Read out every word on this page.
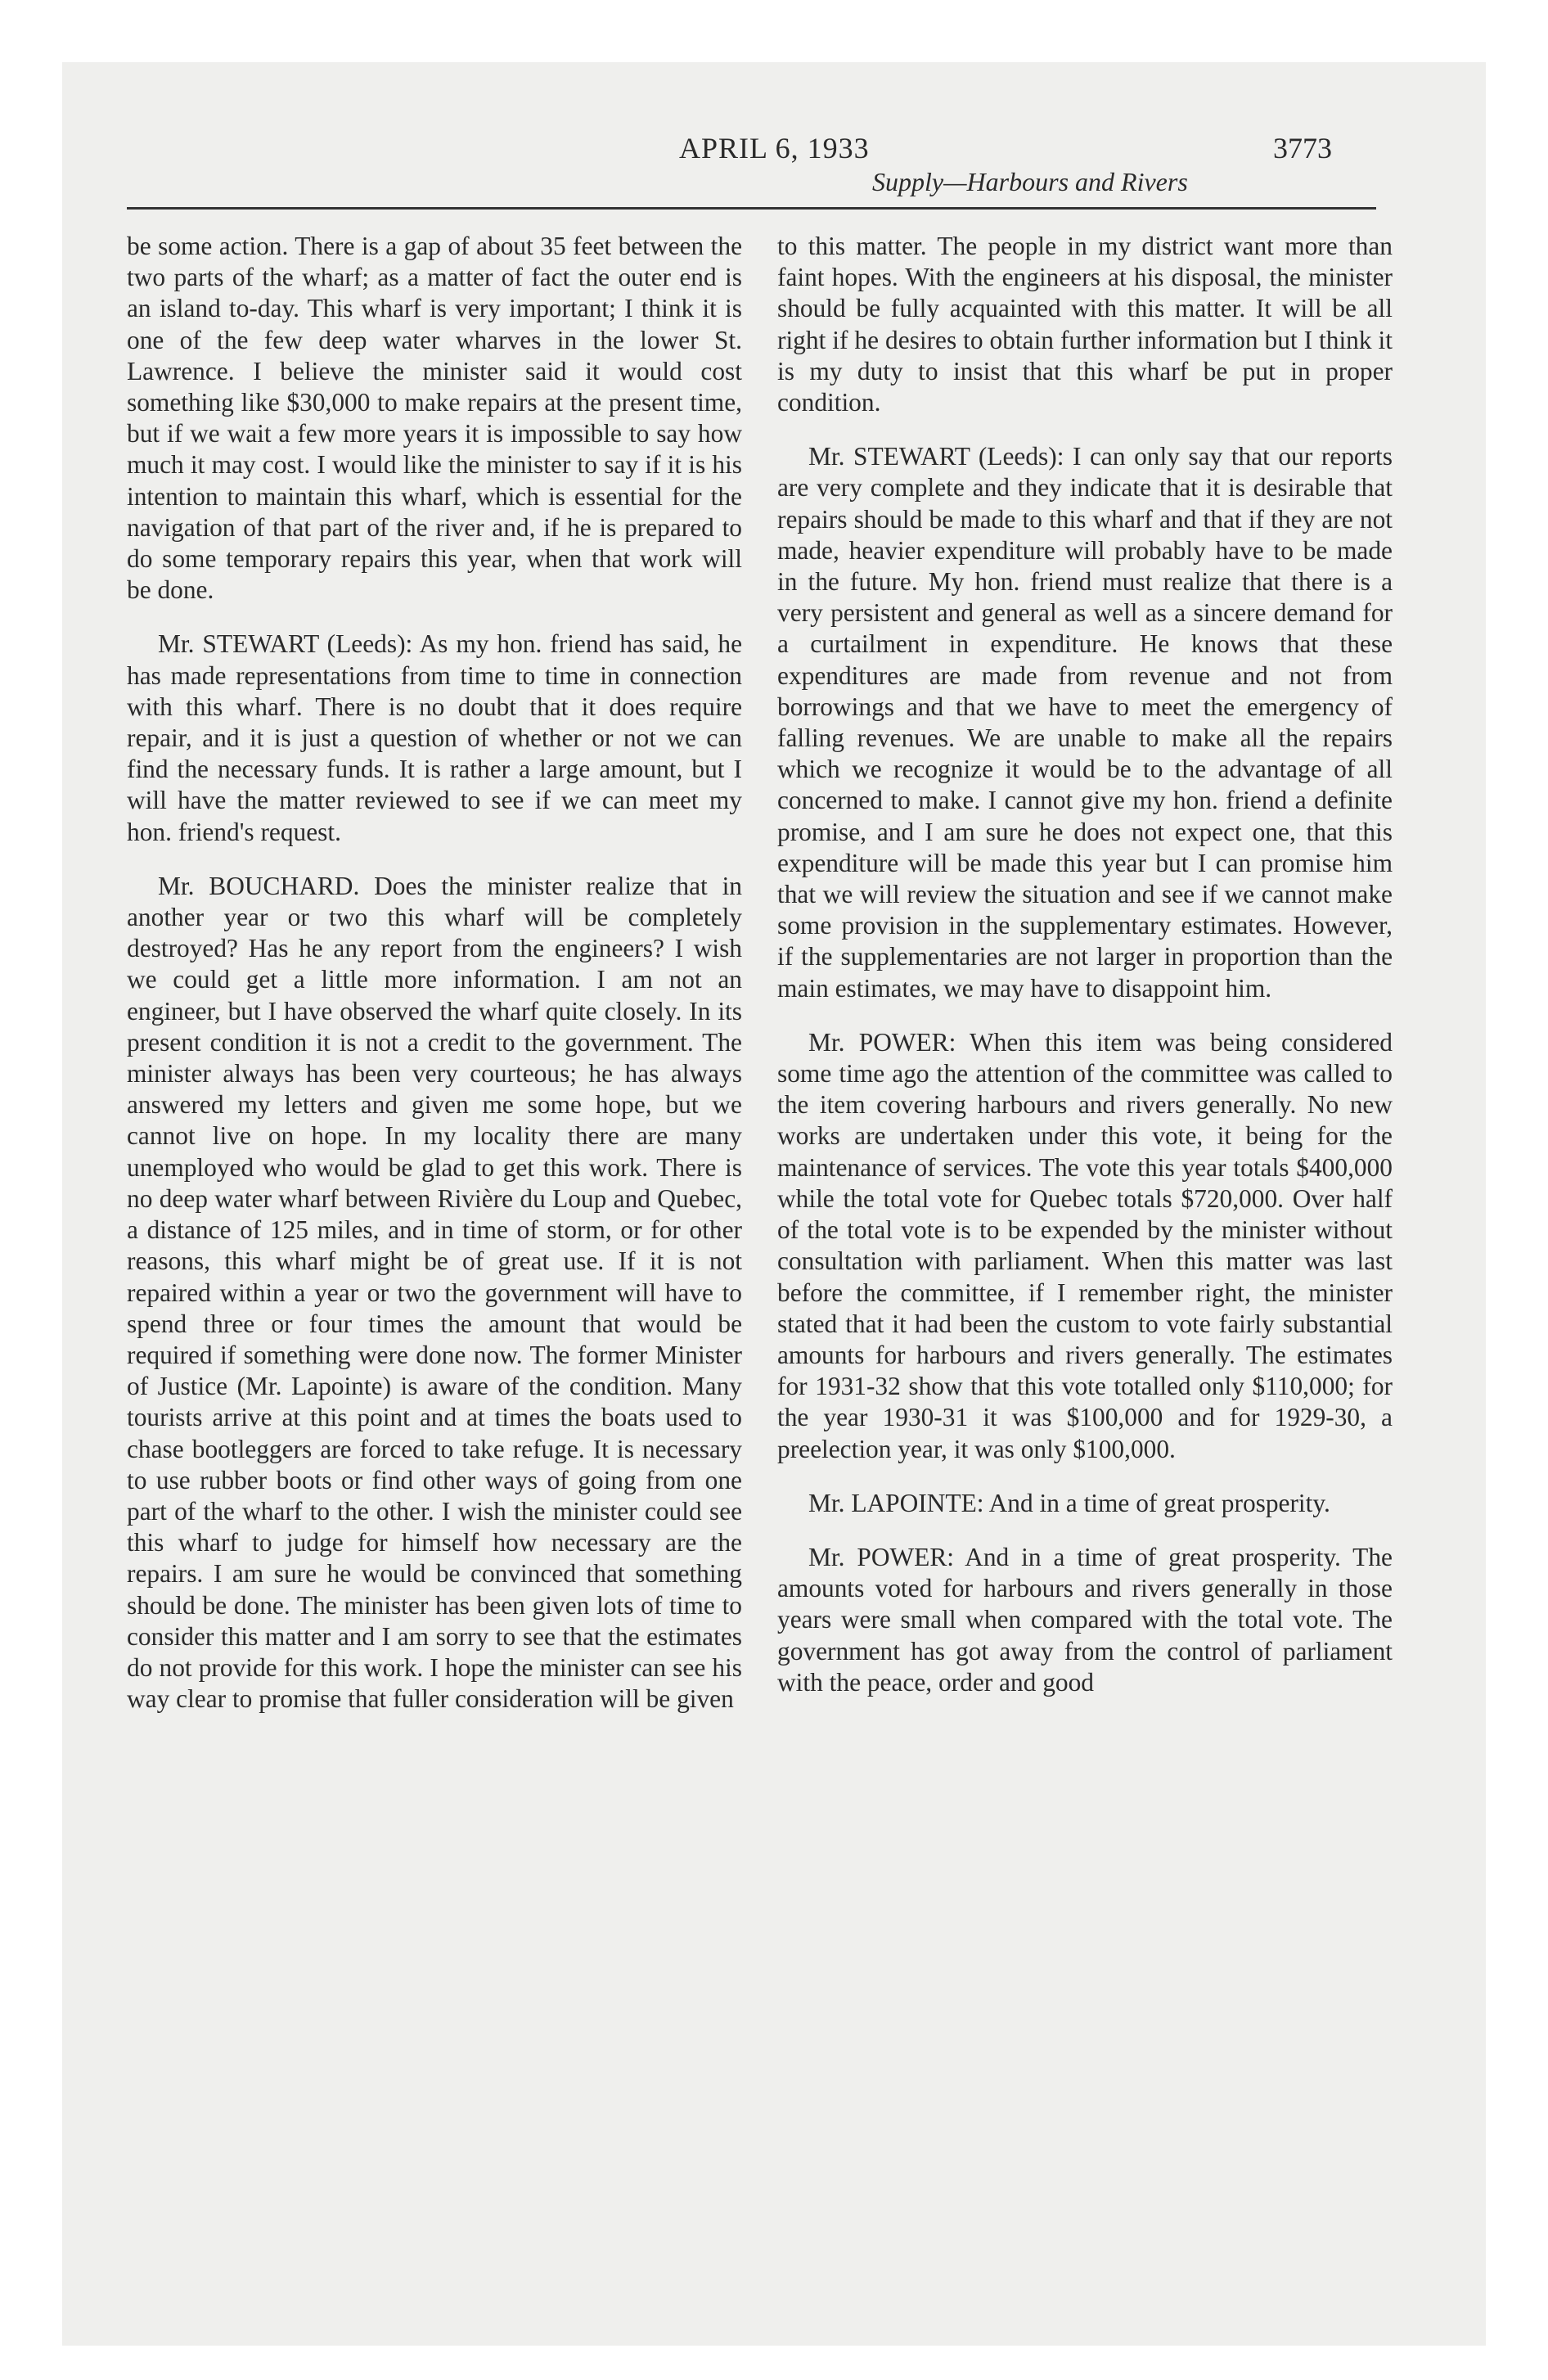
APRIL 6, 1933	3773
Supply—Harbours and Rivers

be some action. There is a gap of about 35 feet between the two parts of the wharf; as a matter of fact the outer end is an island to-day. This wharf is very important; I think it is one of the few deep water wharves in the lower St. Lawrence. I believe the minister said it would cost something like $30,000 to make repairs at the present time, but if we wait a few more years it is impossible to say how much it may cost. I would like the minister to say if it is his intention to maintain this wharf, which is essential for the navigation of that part of the river and, if he is prepared to do some temporary repairs this year, when that work will be done.

Mr. STEWART (Leeds): As my hon. friend has said, he has made representations from time to time in connection with this wharf. There is no doubt that it does require repair, and it is just a question of whether or not we can find the necessary funds. It is rather a large amount, but I will have the matter reviewed to see if we can meet my hon. friend's request.

Mr. BOUCHARD. Does the minister realize that in another year or two this wharf will be completely destroyed? Has he any report from the engineers? I wish we could get a little more information. I am not an engineer, but I have observed the wharf quite closely. In its present condition it is not a credit to the government. The minister always has been very courteous; he has always answered my letters and given me some hope, but we cannot live on hope. In my locality there are many unemployed who would be glad to get this work. There is no deep water wharf between Rivière du Loup and Quebec, a distance of 125 miles, and in time of storm, or for other reasons, this wharf might be of great use. If it is not repaired within a year or two the government will have to spend three or four times the amount that would be required if something were done now. The former Minister of Justice (Mr. Lapointe) is aware of the condition. Many tourists arrive at this point and at times the boats used to chase bootleggers are forced to take refuge. It is necessary to use rubber boots or find other ways of going from one part of the wharf to the other. I wish the minister could see this wharf to judge for himself how necessary are the repairs. I am sure he would be convinced that something should be done. The minister has been given lots of time to consider this matter and I am sorry to see that the estimates do not provide for this work. I hope the minister can see his way clear to promise that fuller consideration will be given

to this matter. The people in my district want more than faint hopes. With the engineers at his disposal, the minister should be fully acquainted with this matter. It will be all right if he desires to obtain further information but I think it is my duty to insist that this wharf be put in proper condition.

Mr. STEWART (Leeds): I can only say that our reports are very complete and they indicate that it is desirable that repairs should be made to this wharf and that if they are not made, heavier expenditure will probably have to be made in the future. My hon. friend must realize that there is a very persistent and general as well as a sincere demand for a curtailment in expenditure. He knows that these expenditures are made from revenue and not from borrowings and that we have to meet the emergency of falling revenues. We are unable to make all the repairs which we recognize it would be to the advantage of all concerned to make. I cannot give my hon. friend a definite promise, and I am sure he does not expect one, that this expenditure will be made this year but I can promise him that we will review the situation and see if we cannot make some provision in the supplementary estimates. However, if the supplementaries are not larger in proportion than the main estimates, we may have to disappoint him.

Mr. POWER: When this item was being considered some time ago the attention of the committee was called to the item covering harbours and rivers generally. No new works are undertaken under this vote, it being for the maintenance of services. The vote this year totals $400,000 while the total vote for Quebec totals $720,000. Over half of the total vote is to be expended by the minister without consultation with parliament. When this matter was last before the committee, if I remember right, the minister stated that it had been the custom to vote fairly substantial amounts for harbours and rivers generally. The estimates for 1931-32 show that this vote totalled only $110,000; for the year 1930-31 it was $100,000 and for 1929-30, a preelection year, it was only $100,000.

Mr. LAPOINTE: And in a time of great prosperity.

Mr. POWER: And in a time of great prosperity. The amounts voted for harbours and rivers generally in those years were small when compared with the total vote. The government has got away from the control of parliament with the peace, order and good
